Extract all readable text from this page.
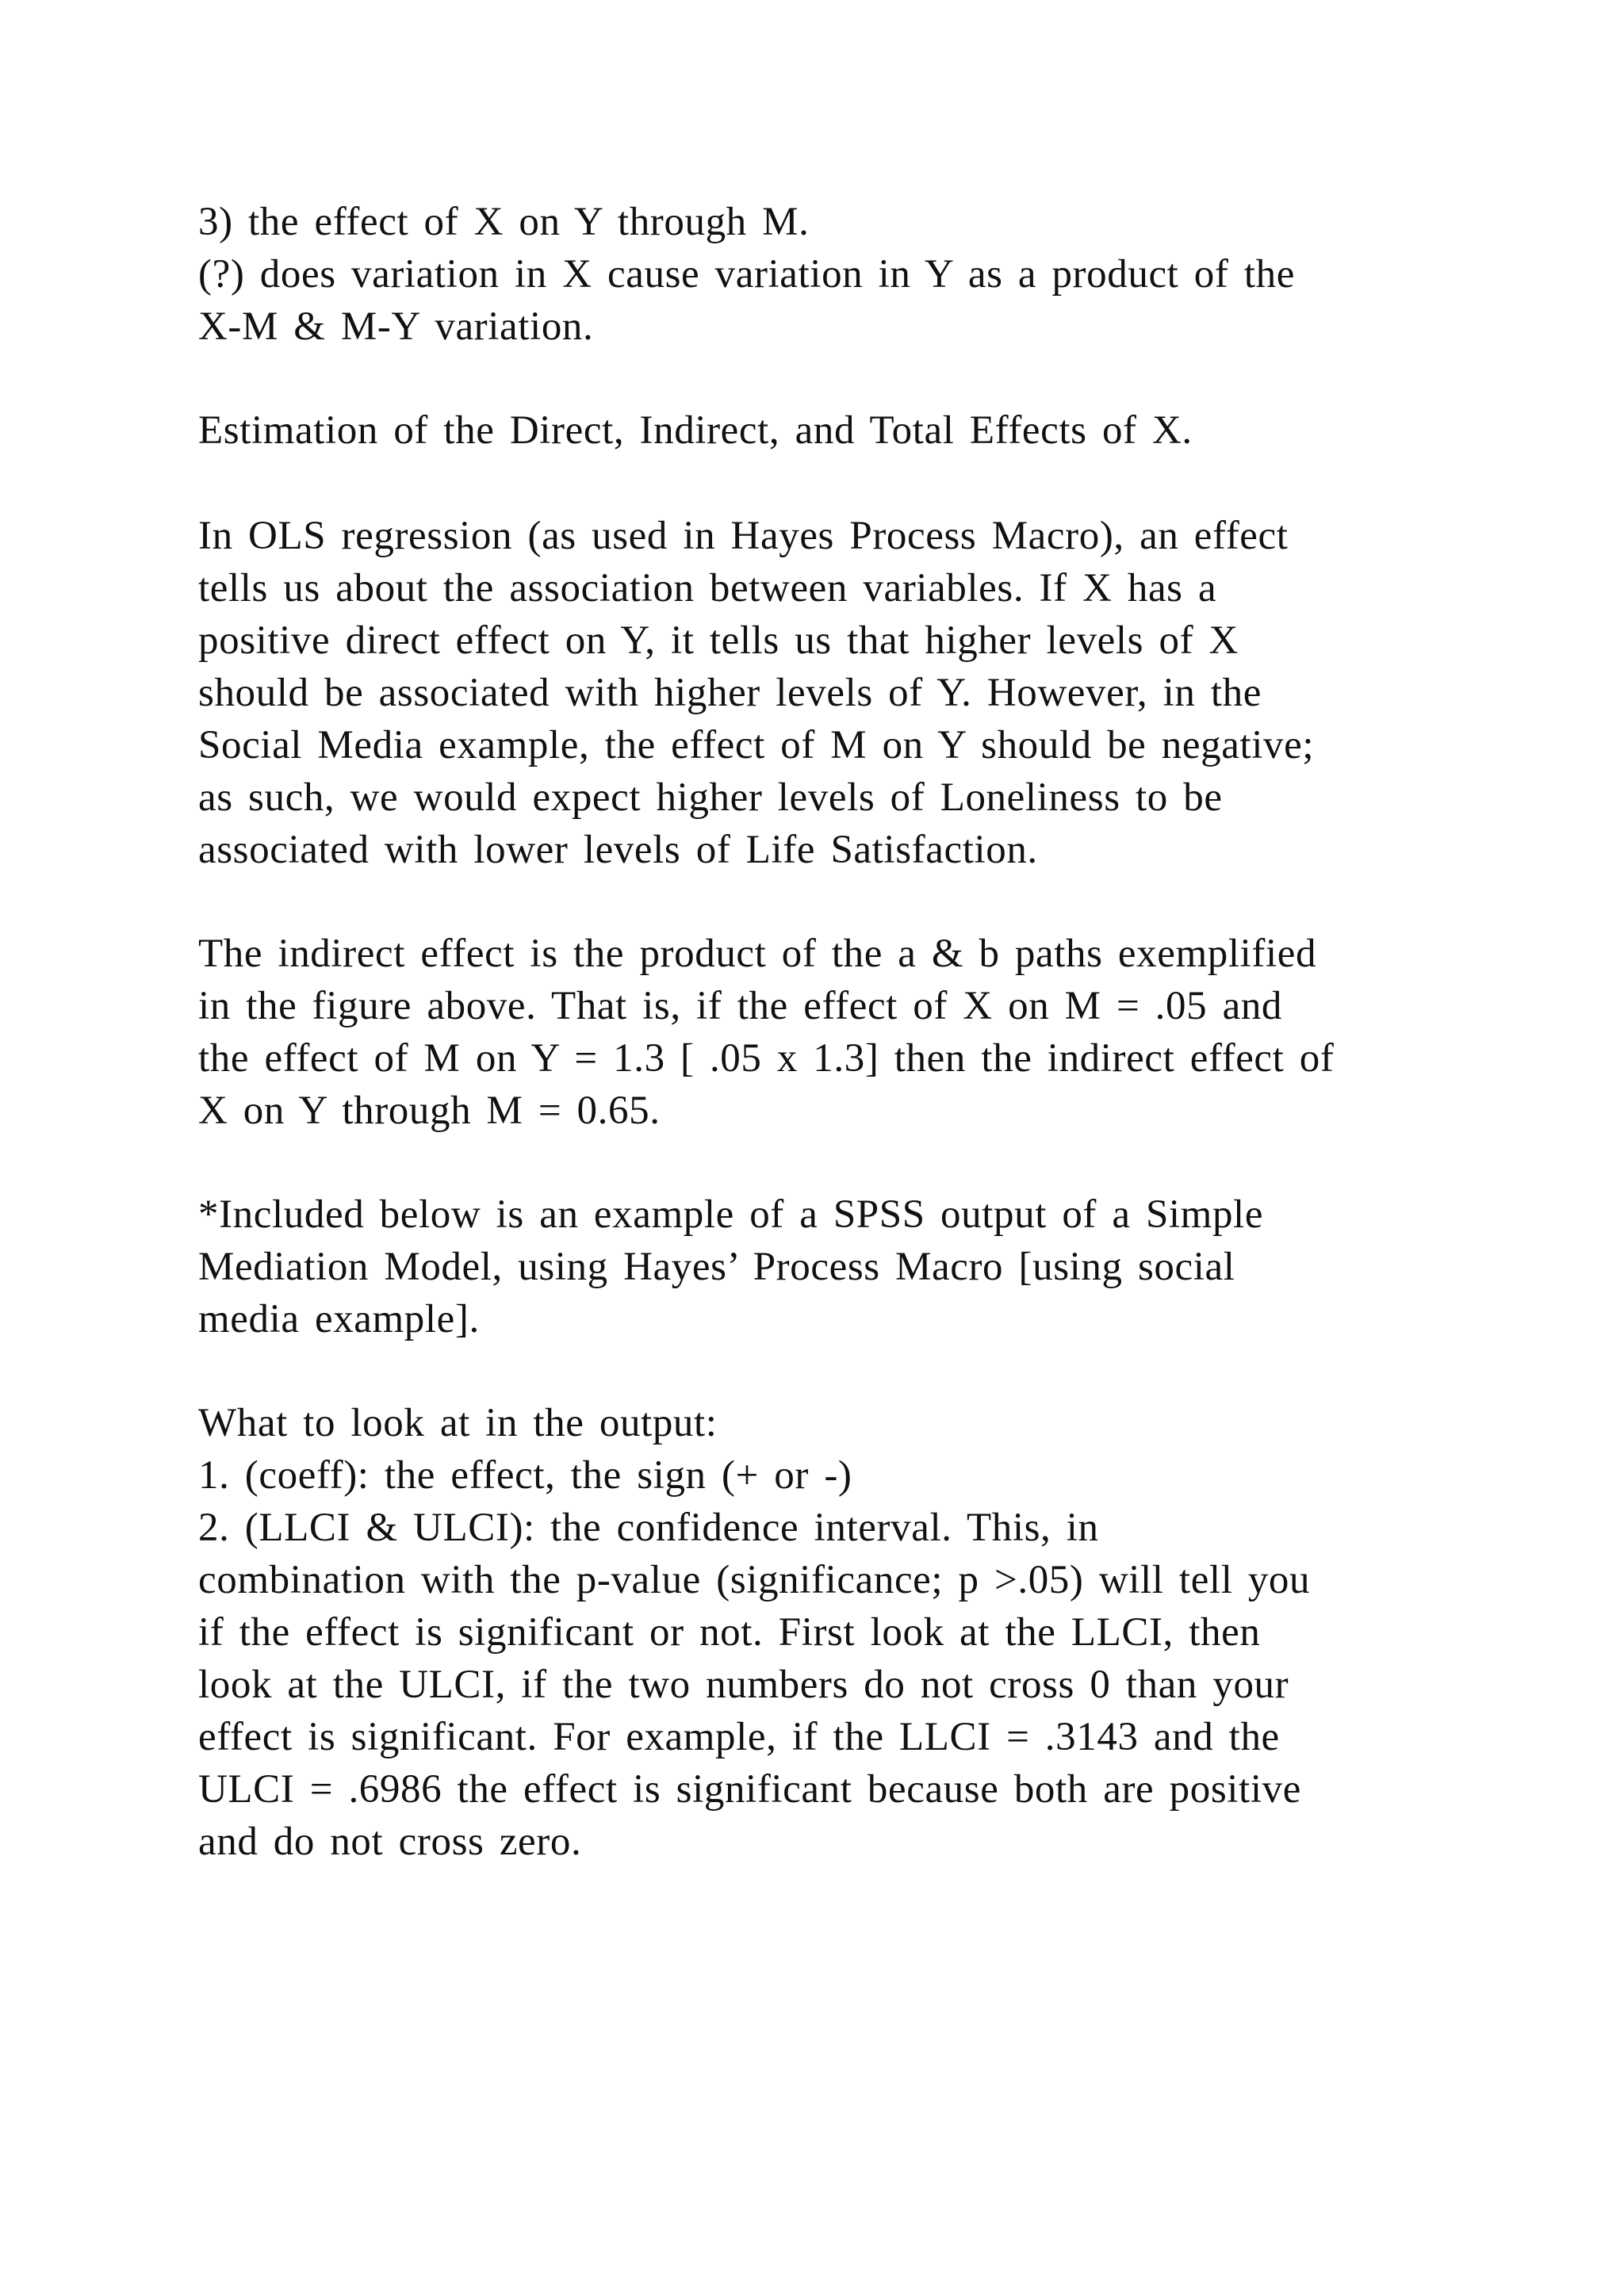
3) the effect of X on Y through M.
(?) does variation in X cause variation in Y as a product of the
X-M & M-Y variation.
Estimation of the Direct, Indirect, and Total Effects of X.
In OLS regression (as used in Hayes Process Macro), an effect
tells us about the association between variables. If X has a
positive direct effect on Y, it tells us that higher levels of X
should be associated with higher levels of Y. However, in the
Social Media example, the effect of M on Y should be negative;
as such, we would expect higher levels of Loneliness to be
associated with lower levels of Life Satisfaction.
The indirect effect is the product of the a & b paths exemplified
in the figure above. That is, if the effect of X on M = .05 and
the effect of M on Y = 1.3 [ .05 x 1.3] then the indirect effect of
X on Y through M = 0.65.
*Included below is an example of a SPSS output of a Simple
Mediation Model, using Hayes’ Process Macro [using social
media example].
What to look at in the output:
1. (coeff): the effect, the sign (+ or -)
2. (LLCI & ULCI): the confidence interval. This, in
combination with the p-value (significance; p >.05) will tell you
if the effect is significant or not. First look at the LLCI, then
look at the ULCI, if the two numbers do not cross 0 than your
effect is significant. For example, if the LLCI = .3143 and the
ULCI = .6986 the effect is significant because both are positive
and do not cross zero.
